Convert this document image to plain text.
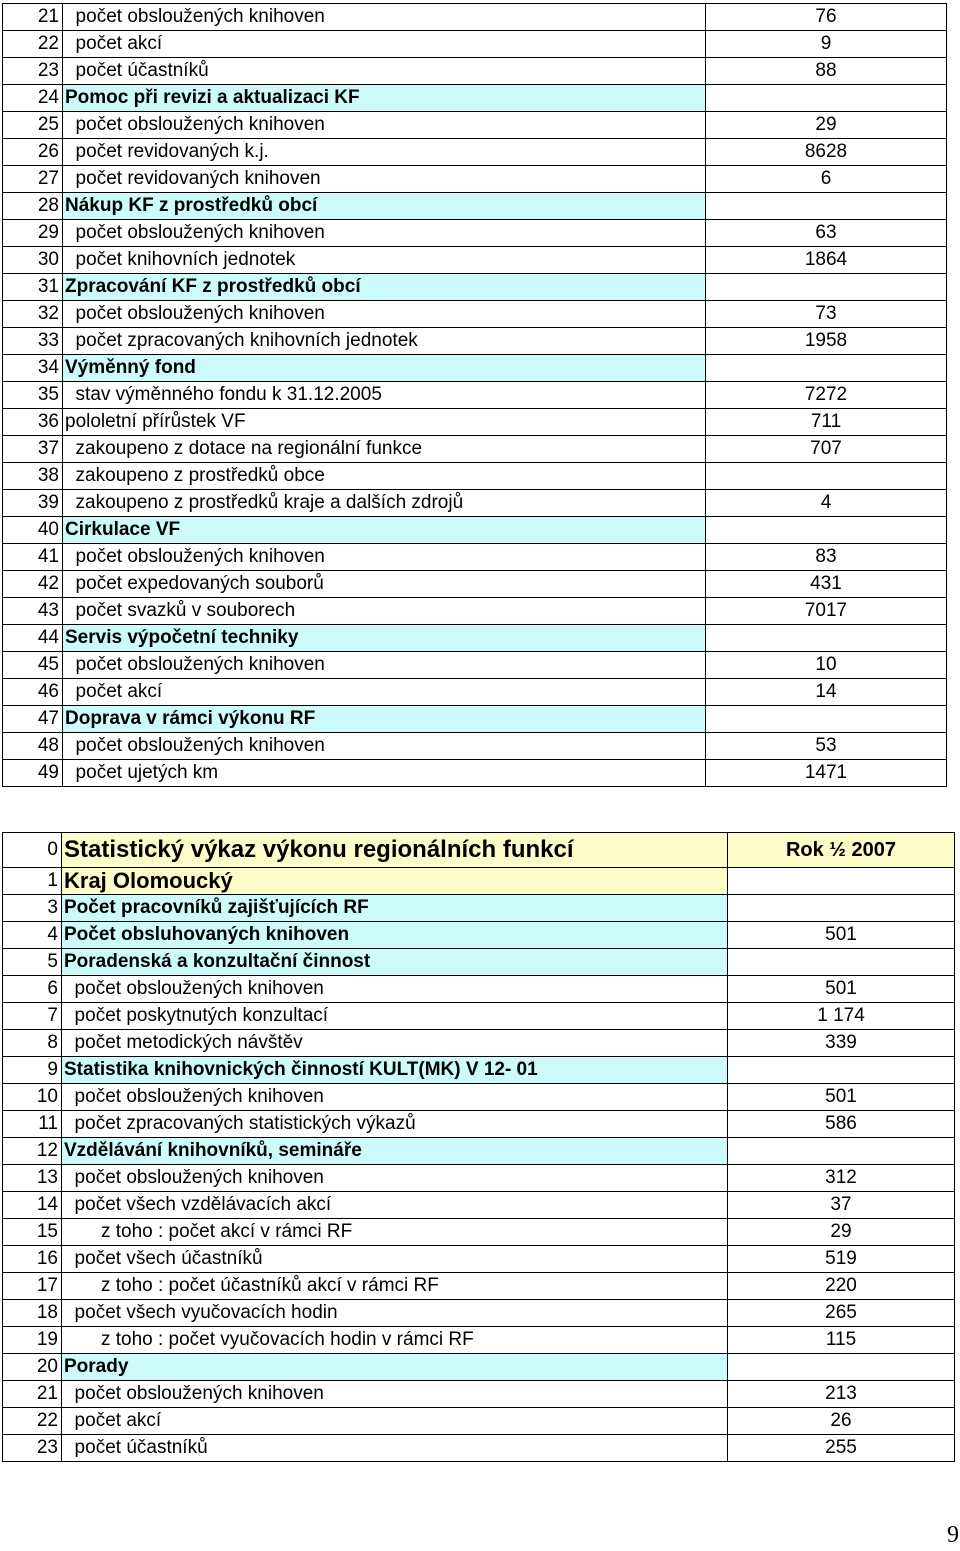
21	počet obsloužených knihoven	76
22	počet akcí	9
23	počet účastníků	88
24	Pomoc při revizi a aktualizaci KF	
25	počet obsloužených knihoven	29
26	počet revidovaných k.j.	8628
27	počet revidovaných knihoven	6
28	Nákup KF z prostředků obcí	
29	počet obsloužených knihoven	63
30	počet knihovních jednotek	1864
31	Zpracování KF z prostředků obcí	
32	počet obsloužených knihoven	73
33	počet zpracovaných knihovních jednotek	1958
34	Výměnný fond	
35	stav výměnného fondu k 31.12.2005	7272
36	pololetní přírůstek VF	711
37	zakoupeno z dotace na regionální funkce	707
38	zakoupeno z prostředků obce	
39	zakoupeno z prostředků kraje a dalších zdrojů	4
40	Cirkulace VF	
41	počet obsloužených knihoven	83
42	počet expedovaných souborů	431
43	počet svazků v souborech	7017
44	Servis výpočetní techniky	
45	počet obsloužených knihoven	10
46	počet akcí	14
47	Doprava v rámci výkonu RF	
48	počet obsloužených knihoven	53
49	počet ujetých km	1471
0	Statistický výkaz výkonu regionálních funkcí	Rok ½ 2007
1	Kraj Olomoucký	
3	Počet pracovníků zajišťujících RF	
4	Počet obsluhovaných knihoven	501
5	Poradenská a konzultační činnost	
6	počet obsloužených knihoven	501
7	počet poskytnutých konzultací	1 174
8	počet metodických návštěv	339
9	Statistika knihovnických činností KULT(MK) V 12- 01	
10	počet obsloužených knihoven	501
11	počet zpracovaných statistických výkazů	586
12	Vzdělávání knihovníků, semináře	
13	počet obsloužených knihoven	312
14	počet všech vzdělávacích akcí	37
15	z toho : počet akcí v rámci RF	29
16	počet všech účastníků	519
17	z toho : počet účastníků akcí v rámci RF	220
18	počet všech vyučovacích hodin	265
19	z toho : počet vyučovacích hodin v rámci RF	115
20	Porady	
21	počet obsloužených knihoven	213
22	počet akcí	26
23	počet účastníků	255
9
